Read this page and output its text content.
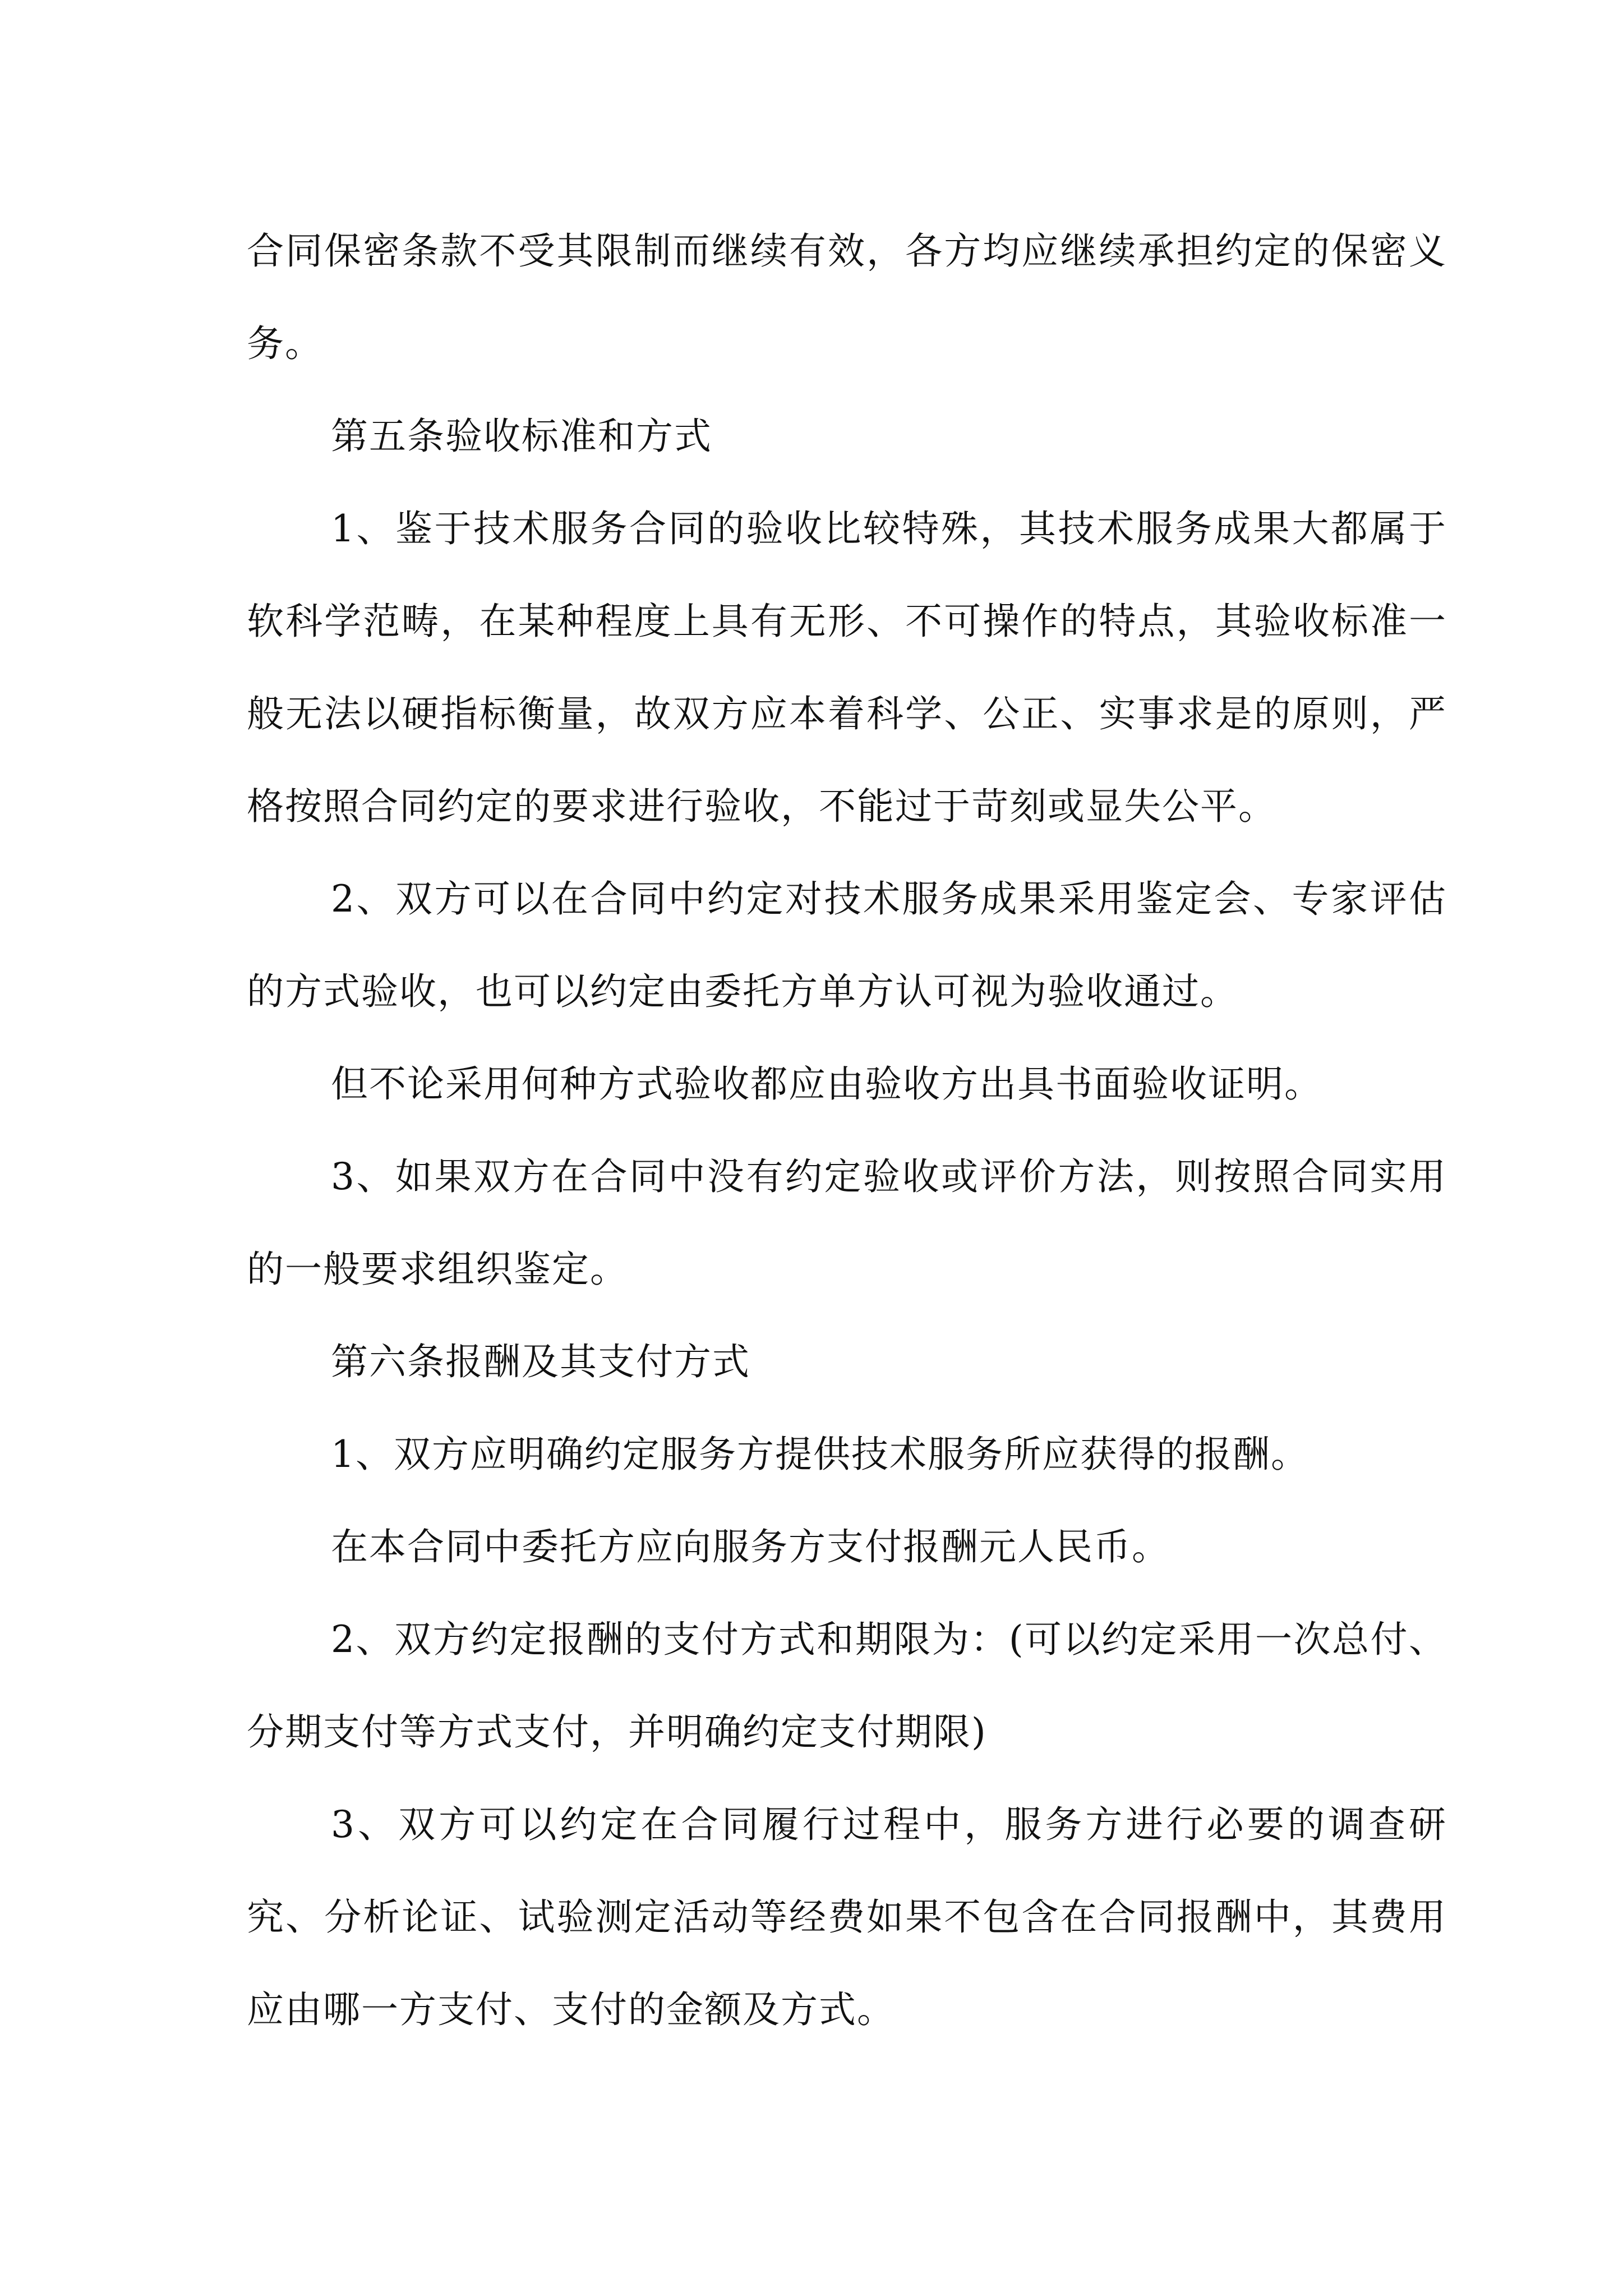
合同保密条款不受其限制而继续有效，各方均应继续承担约定的保密义务。

第五条验收标准和方式

1、鉴于技术服务合同的验收比较特殊，其技术服务成果大都属于软科学范畴，在某种程度上具有无形、不可操作的特点，其验收标准一般无法以硬指标衡量，故双方应本着科学、公正、实事求是的原则，严格按照合同约定的要求进行验收，不能过于苛刻或显失公平。

2、双方可以在合同中约定对技术服务成果采用鉴定会、专家评估的方式验收，也可以约定由委托方单方认可视为验收通过。

但不论采用何种方式验收都应由验收方出具书面验收证明。

3、如果双方在合同中没有约定验收或评价方法，则按照合同实用的一般要求组织鉴定。

第六条报酬及其支付方式

1、双方应明确约定服务方提供技术服务所应获得的报酬。

在本合同中委托方应向服务方支付报酬元人民币。

2、双方约定报酬的支付方式和期限为：(可以约定采用一次总付、分期支付等方式支付，并明确约定支付期限)

3、双方可以约定在合同履行过程中，服务方进行必要的调查研究、分析论证、试验测定活动等经费如果不包含在合同报酬中，其费用应由哪一方支付、支付的金额及方式。
